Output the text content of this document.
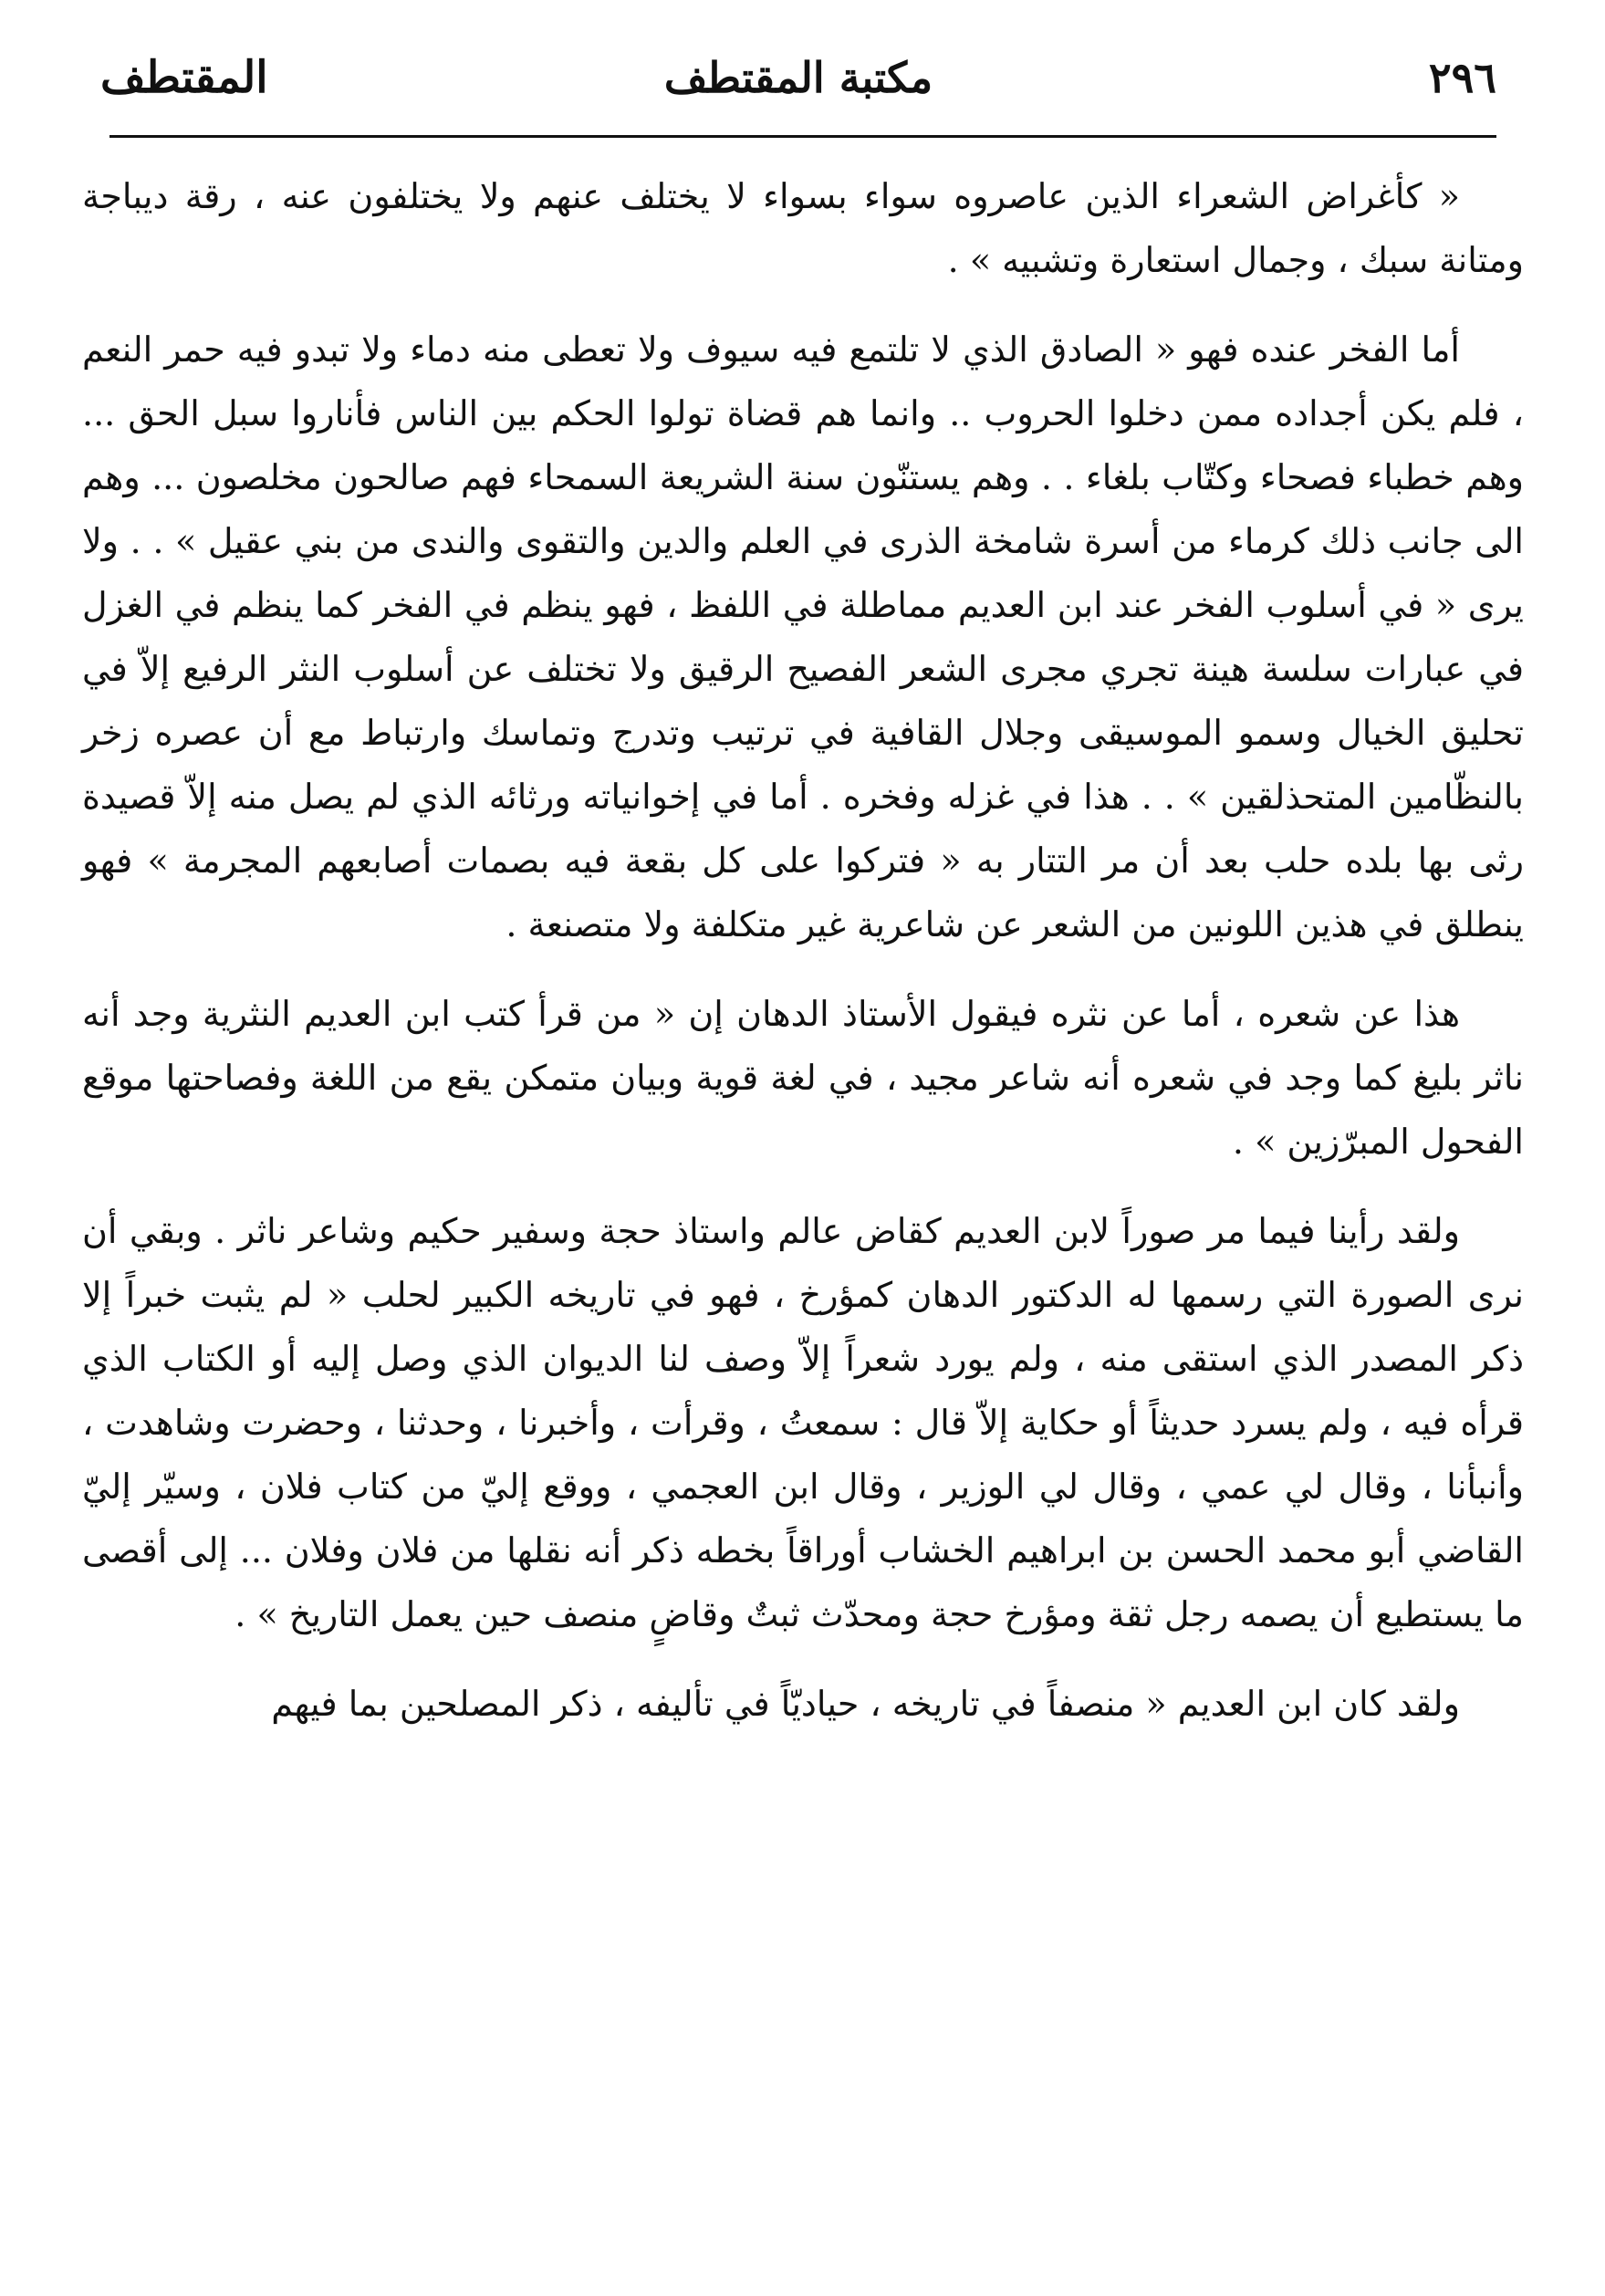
المقتطف	مكتبة المقتطف	٢٩٦

« كأغراض الشعراء الذين عاصروه سواء بسواء لا يختلف عنهم ولا يختلفون عنه ، رقة ديباجة ومتانة سبك ، وجمال استعارة وتشبيه » .

أما الفخر عنده فهو « الصادق الذي لا تلتمع فيه سيوف ولا تعطى منه دماء ولا تبدو فيه حمر النعم ، فلم يكن أجداده ممن دخلوا الحروب .. وانما هم قضاة تولوا الحكم بين الناس فأناروا سبل الحق ... وهم خطباء فصحاء وكتّاب بلغاء . . وهم يستنّون سنة الشريعة السمحاء فهم صالحون مخلصون ... وهم الى جانب ذلك كرماء من أسرة شامخة الذرى في العلم والدين والتقوى والندى من بني عقيل » . . ولا يرى « في أسلوب الفخر عند ابن العديم مماطلة في اللفظ ، فهو ينظم في الفخر كما ينظم في الغزل في عبارات سلسة هينة تجري مجرى الشعر الفصيح الرقيق ولا تختلف عن أسلوب النثر الرفيع إلاّ في تحليق الخيال وسمو الموسيقى وجلال القافية في ترتيب وتدرج وتماسك وارتباط مع أن عصره زخر بالنظّامين المتحذلقين » . . هذا في غزله وفخره . أما في إخوانياته ورثائه الذي لم يصل منه إلاّ قصيدة رثى بها بلده حلب بعد أن مر التتار به « فتركوا على كل بقعة فيه بصمات أصابعهم المجرمة » فهو ينطلق في هذين اللونين من الشعر عن شاعرية غير متكلفة ولا متصنعة .

هذا عن شعره ، أما عن نثره فيقول الأستاذ الدهان إن « من قرأ كتب ابن العديم النثرية وجد أنه ناثر بليغ كما وجد في شعره أنه شاعر مجيد ، في لغة قوية وبيان متمكن يقع من اللغة وفصاحتها موقع الفحول المبرّزين » .

ولقد رأينا فيما مر صوراً لابن العديم كقاض عالم واستاذ حجة وسفير حكيم وشاعر ناثر . وبقي أن نرى الصورة التي رسمها له الدكتور الدهان كمؤرخ ، فهو في تاريخه الكبير لحلب « لم يثبت خبراً إلا ذكر المصدر الذي استقى منه ، ولم يورد شعراً إلاّ وصف لنا الديوان الذي وصل إليه أو الكتاب الذي قرأه فيه ، ولم يسرد حديثاً أو حكاية إلاّ قال : سمعتُ ، وقرأت ، وأخبرنا ، وحدثنا ، وحضرت وشاهدت ، وأنبأنا ، وقال لي عمي ، وقال لي الوزير ، وقال ابن العجمي ، ووقع إليّ من كتاب فلان ، وسيّر إليّ القاضي أبو محمد الحسن بن ابراهيم الخشاب أوراقاً بخطه ذكر أنه نقلها من فلان وفلان ... إلى أقصى ما يستطيع أن يصمه رجل ثقة ومؤرخ حجة ومحدّث ثبتٌ وقاضٍ منصف حين يعمل التاريخ » .

ولقد كان ابن العديم « منصفاً في تاريخه ، حياديّاً في تأليفه ، ذكر المصلحين بما فيهم
